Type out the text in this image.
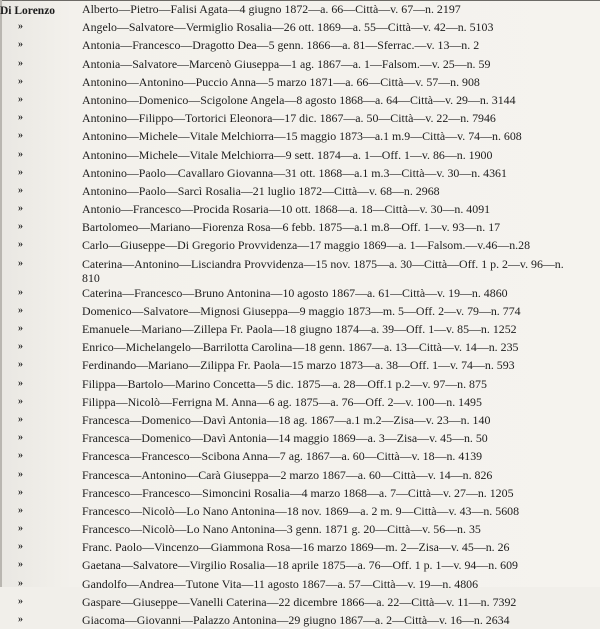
Di Lorenzo Alberto—Pietro—Falisi Agata—4 giugno 1872—a. 66—Città—v. 67—n. 2197
»	Angelo—Salvatore—Vermiglio Rosalia—26 ott. 1869—a. 55—Città—v. 42—n. 5103
»	Antonia—Francesco—Dragotto Dea—5 genn. 1866—a. 81—Sferrac.—v. 13—n. 2
»	Antonia—Salvatore—Marcenò Giuseppa—1 ag. 1867—a. 1—Falsom.—v. 25—n. 59
»	Antonino—Antonino—Puccio Anna—5 marzo 1871—a. 66—Città—v. 57—n. 908
»	Antonino—Domenico—Scigolone Angela—8 agosto 1868—a. 64—Città—v. 29—n. 3144
»	Antonino—Filippo—Tortorici Eleonora—17 dic. 1867—a. 50—Città—v. 22—n. 7946
»	Antonino—Michele—Vitale Melchiorra—15 maggio 1873—a.1 m.9—Città—v. 74—n. 608
»	Antonino—Michele—Vitale Melchiorra—9 sett. 1874—a. 1—Off. 1—v. 86—n. 1900
»	Antonino—Paolo—Cavallaro Giovanna—31 ott. 1868—a.1 m.3—Città—v. 30—n. 4361
»	Antonino—Paolo—Sarcì Rosalia—21 luglio 1872—Città—v. 68—n. 2968
»	Antonio—Francesco—Procida Rosaria—10 ott. 1868—a. 18—Città—v. 30—n. 4091
»	Bartolomeo—Mariano—Fiorenza Rosa—6 febb. 1875—a.1 m.8—Off. 1—v. 93—n. 17
»	Carlo—Giuseppe—Di Gregorio Provvidenza—17 maggio 1869—a. 1—Falsom.—v.46—n.28
»	Caterina—Antonino—Lisciandra Provvidenza—15 nov. 1875—a. 30—Città—Off. 1 p. 2—v. 96—n. 810
»	Caterina—Francesco—Bruno Antonina—10 agosto 1867—a. 61—Città—v. 19—n. 4860
»	Domenico—Salvatore—Mignosi Giuseppa—9 maggio 1873—m. 5—Off. 2—v. 79—n. 774
»	Emanuele—Mariano—Zillepa Fr. Paola—18 giugno 1874—a. 39—Off. 1—v. 85—n. 1252
»	Enrico—Michelangelo—Barrilotta Carolina—18 genn. 1867—a. 13—Città—v. 14—n. 235
»	Ferdinando—Mariano—Zilippa Fr. Paola—15 marzo 1873—a. 38—Off. 1—v. 74—n. 593
»	Filippa—Bartolo—Marino Concetta—5 dic. 1875—a. 28—Off.1 p.2—v. 97—n. 875
»	Filippa—Nicolò—Ferrigna M. Anna—6 ag. 1875—a. 76—Off. 2—v. 100—n. 1495
»	Francesca—Domenico—Davì Antonia—18 ag. 1867—a.1 m.2—Zisa—v. 23—n. 140
»	Francesca—Domenico—Davì Antonia—14 maggio 1869—a. 3—Zisa—v. 45—n. 50
»	Francesca—Francesco—Scibona Anna—7 ag. 1867—a. 60—Città—v. 18—n. 4139
»	Francesca—Antonino—Carà Giuseppa—2 marzo 1867—a. 60—Città—v. 14—n. 826
»	Francesco—Francesco—Simoncini Rosalia—4 marzo 1868—a. 7—Città—v. 27—n. 1205
»	Francesco—Nicolò—Lo Nano Antonina—18 nov. 1869—a. 2 m. 9—Città—v. 43—n. 5608
»	Francesco—Nicolò—Lo Nano Antonina—3 genn. 1871 g. 20—Città—v. 56—n. 35
»	Franc. Paolo—Vincenzo—Giammona Rosa—16 marzo 1869—m. 2—Zisa—v. 45—n. 26
»	Gaetana—Salvatore—Virgilio Rosalia—18 aprile 1875—a. 76—Off. 1 p. 1—v. 94—n. 609
»	Gandolfo—Andrea—Tutone Vita—11 agosto 1867—a. 57—Città—v. 19—n. 4806
»	Gaspare—Giuseppe—Vanelli Caterina—22 dicembre 1866—a. 22—Città—v. 11—n. 7392
»	Giacoma—Giovanni—Palazzo Antonina—29 giugno 1867—a. 2—Città—v. 16—n. 2634
